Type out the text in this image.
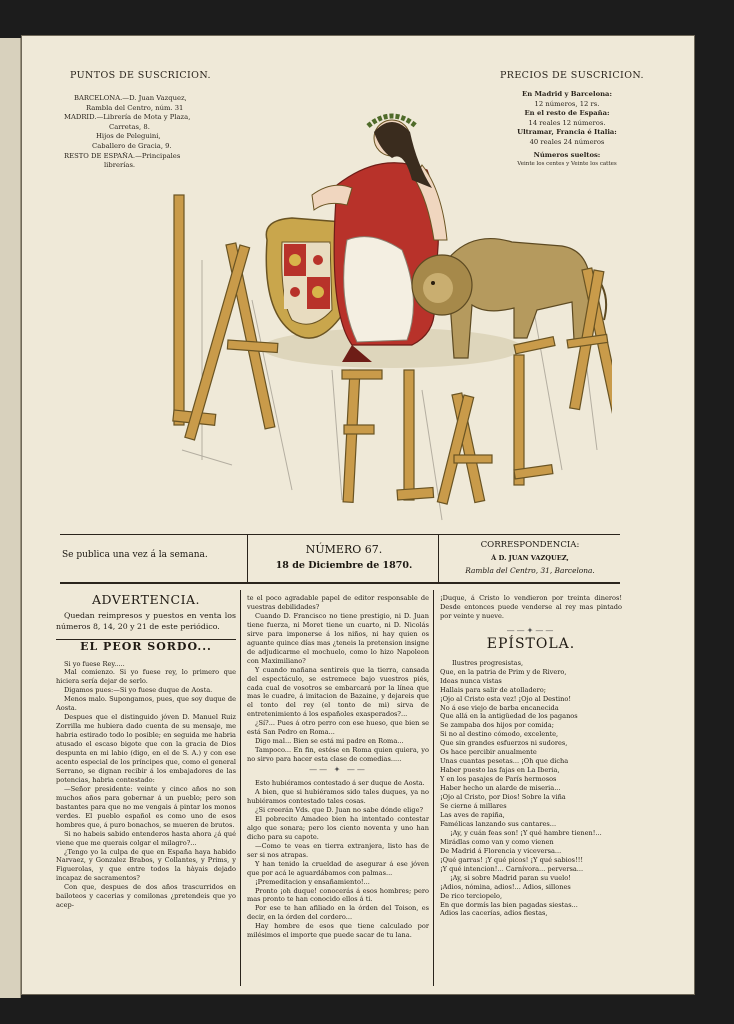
PUNTOS DE SUSCRICION.
BARCELONA.—D. Juan Vazquez,
Rambla del Centro, núm. 31
MADRID.—Librería de Mota y Plaza,
Carretas, 8.
Hijos de Peleguini,
Caballero de Gracia, 9.
RESTO DE ESPAÑA.—Principales
librerías.
PRECIOS DE SUSCRICION.
En Madrid y Barcelona:
12 números, 12 rs.
En el resto de España:
14 reales 12 números.
Ultramar, Francia é Italia:
40 reales 24 números
Números sueltos:
Veinte los centes y Veinte los cattes
Se publica una vez á la semana.	NÚMERO 67.
18 de Diciembre de 1870.
CORRESPONDENCIA:
Á D. JUAN VAZQUEZ,
Rambla del Centro, 31, Barcelona.
ADVERTENCIA.

Quedan reimpresos y puestos en venta los números 8, 14, 20 y 21 de este periódico.

EL PEOR SORDO...

Si yo fuese Rey.....

Mal comienzo. Si yo fuese rey, lo primero que hiciera sería dejar de serlo.

Digamos pues:—Si yo fuese duque de Aosta.

Menos malo. Supongamos, pues, que soy duque de Aosta.

Despues que el distinguido jóven D. Manuel Ruiz Zorrilla me hubiera dado cuenta de su mensaje, me habria estirado todo lo posible; en seguida me habria atusado el escaso bigote que con la gracia de Dios despunta en mi labio (digo, en el de S. A.) y con ese acento especial de los príncipes que, como el general Serrano, se dignan recibir á los embajadores de las potencias, habria contestado:

—Señor presidente: veinte y cinco años no son muchos años para gobernar á un pueblo; pero son bastantes para que no me vengais á pintar los monos verdes. El pueblo español es como uno de esos hombres que, á puro bonachos, se mueren de brutos.

Si no habeis sabido entenderos hasta ahora ¿á qué viene que me querais colgar el milagro?...

¿Tengo yo la culpa de que en España haya habido Narvaez, y Gonzalez Brabos, y Collantes, y Prims, y Figuerolas, y que entre todos la hàyais dejado incapaz de sacramentos?

Con que, despues de dos años trascurridos en bailoteos y cacerias y comilonas ¿pretendeis que yo acep-

te el poco agradable papel de editor responsable de vuestras debilidades?

Cuando D. Francisco no tiene prestigio, ni D. Juan tiene fuerza, ni Moret tiene un cuarto, ni D. Nicolás sirve para imponerse á los niños, ni hay quien os aguante quince días mas ¿teneis la pretension insigne de adjudicarme el mochuelo, como lo hizo Napoleon con Maximiliano?

Y cuando mañana sentireis que la tierra, cansada del espectáculo, se estremece bajo vuestros piés, cada cual de vosotros se embarcará por la línea que mas le cuadre, á imitacion de Bazaine, y dejareis que el tonto del rey (el tonto de mi) sirva de entretenimiento á los españoles exasperados?...

¿Sí?... Pues á otro perro con ese hueso, que bien se está San Pedro en Roma...

Digo mal... Bien se está mi padre en Roma...

Tampoco... En fin, estése en Roma quien quiera, yo no sirvo para hacer esta clase de comedias.....

—— ✦ ——

Esto hubiéramos contestado á ser duque de Aosta.

A bien, que si hubiéramos sido tales duques, ya no hubiéramos contestado tales cosas.

¿Si creerán Vds. que D. Juan no sabe dónde elige?

El pobrecito Amadeo bien ha intentado contestar algo que sonara; pero los ciento noventa y uno han dicho para su capote.

—Como te veas en tierra extranjera, listo has de ser si nos atrapas.

Y han tenido la crueldad de asegurar á ese jóven que por acá le aguardábamos con palmas...

¡Premeditacion y ensañamiento!...

Pronto ¡oh duque! conocerás á esos hombres; pero mas pronto te han conocido ellos á ti.

Por ese te han afiliado en la órden del Toison, es decir, en la órden del cordero...

Hay hombre de esos que tiene calculado por milésimos el importe que puede sacar de tu lana.

¡Duque, á Cristo lo vendieron por treinta dineros! Desde entonces puede venderse al rey mas pintado por veinte y nueve.

——✦——
EPÍSTOLA.

Ilustres progresistas,

Que, en la patria de Prim y de Rivero,

Ideas nunca vistas

Hallais para salir de atolladero;

¡Ojo al Cristo esta vez! ¡Ojo al Destino!

No á ese viejo de barba encanecida

Que allá en la antigüedad de los paganos

Se zampaba dos hijos por comida;

Si no al destino cómodo, excelente,

Que sin grandes esfuerzos ni sudores,

Os hace percibir anualmente

Unas cuantas pesetas... ¡Oh que dicha

Haber puesto las fajas en La Iberia,

Y en los pasajes de París hermosos

Haber hecho un alarde de miseria...

¡Ojo al Cristo, por Dios! Sobre la viña

Se cierne á millares

Las aves de rapiña,

Famélicas lanzando sus cantares...

¡Ay, y cuán feas son! ¡Y qué hambre tienen!...

Mirádlas como van y como vienen

De Madrid á Florencia y viceversa...

¡Qué garras! ¡Y qué picos! ¡Y qué sabios!!!

¡Y qué intencion!... Carnívora... perversa...

¡Ay, si sobre Madrid paran su vuelo!

¡Adios, nómina, adios!... Adios, sillones

De rico terciopelo,

En que dormís las bien pagadas siestas...

Adios las cacerías, adios fiestas,
